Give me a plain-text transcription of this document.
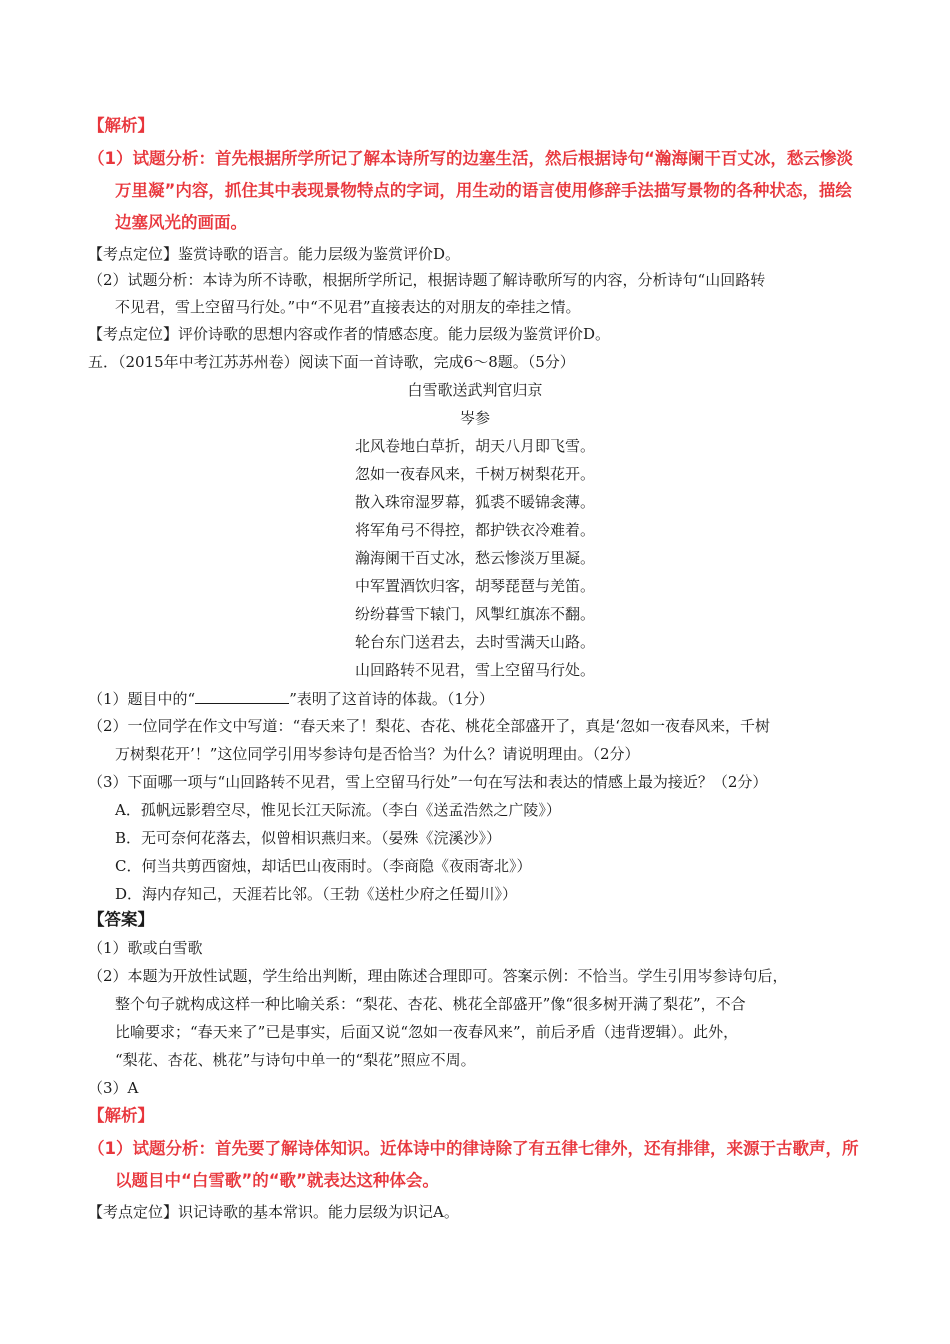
【解析】
（1）试题分析：首先根据所学所记了解本诗所写的边塞生活，然后根据诗句“瀚海阑干百丈冰，愁云惨淡
万里凝”内容，抓住其中表现景物特点的字词，用生动的语言使用修辞手法描写景物的各种状态，描绘
边塞风光的画面。
【考点定位】鉴赏诗歌的语言。能力层级为鉴赏评价D。
（2）试题分析：本诗为所不诗歌，根据所学所记，根据诗题了解诗歌所写的内容，分析诗句“山回路转
不见君，雪上空留马行处。”中“不见君”直接表达的对朋友的牵挂之情。
【考点定位】评价诗歌的思想内容或作者的情感态度。能力层级为鉴赏评价D。
五．（2015年中考江苏苏州卷）阅读下面一首诗歌，完成6～8题。（5分）
白雪歌送武判官归京
岑参
北风卷地白草折，胡天八月即飞雪。
忽如一夜春风来，千树万树梨花开。
散入珠帘湿罗幕，狐裘不暖锦衾薄。
将军角弓不得控，都护铁衣冷难着。
瀚海阑干百丈冰，愁云惨淡万里凝。
中军置酒饮归客，胡琴琵琶与羌笛。
纷纷暮雪下辕门，风掣红旗冻不翻。
轮台东门送君去，去时雪满天山路。
山回路转不见君，雪上空留马行处。
（1）题目中的“	”表明了这首诗的体裁。（1分）
（2）一位同学在作文中写道：“春天来了！梨花、杏花、桃花全部盛开了，真是‘忽如一夜春风来，千树
万树梨花开’！”这位同学引用岑参诗句是否恰当？为什么？请说明理由。（2分）
（3）下面哪一项与“山回路转不见君，雪上空留马行处”一句在写法和表达的情感上最为接近？（2分）
A．孤帆远影碧空尽，惟见长江天际流。（李白《送孟浩然之广陵》）
B．无可奈何花落去，似曾相识燕归来。（晏殊《浣溪沙》）
C．何当共剪西窗烛，却话巴山夜雨时。（李商隐《夜雨寄北》）
D．海内存知己，天涯若比邻。（王勃《送杜少府之任蜀川》）
【答案】
（1）歌或白雪歌
（2）本题为开放性试题，学生给出判断，理由陈述合理即可。答案示例：不恰当。学生引用岑参诗句后，
整个句子就构成这样一种比喻关系：“梨花、杏花、桃花全部盛开”像“很多树开满了梨花”，不合
比喻要求；“春天来了”已是事实，后面又说“忽如一夜春风来”，前后矛盾（违背逻辑）。此外，
“梨花、杏花、桃花”与诗句中单一的“梨花”照应不周。
（3）A
【解析】
（1）试题分析：首先要了解诗体知识。近体诗中的律诗除了有五律七律外，还有排律，来源于古歌声，所
以题目中“白雪歌”的“歌”就表达这种体会。
【考点定位】识记诗歌的基本常识。能力层级为识记A。
